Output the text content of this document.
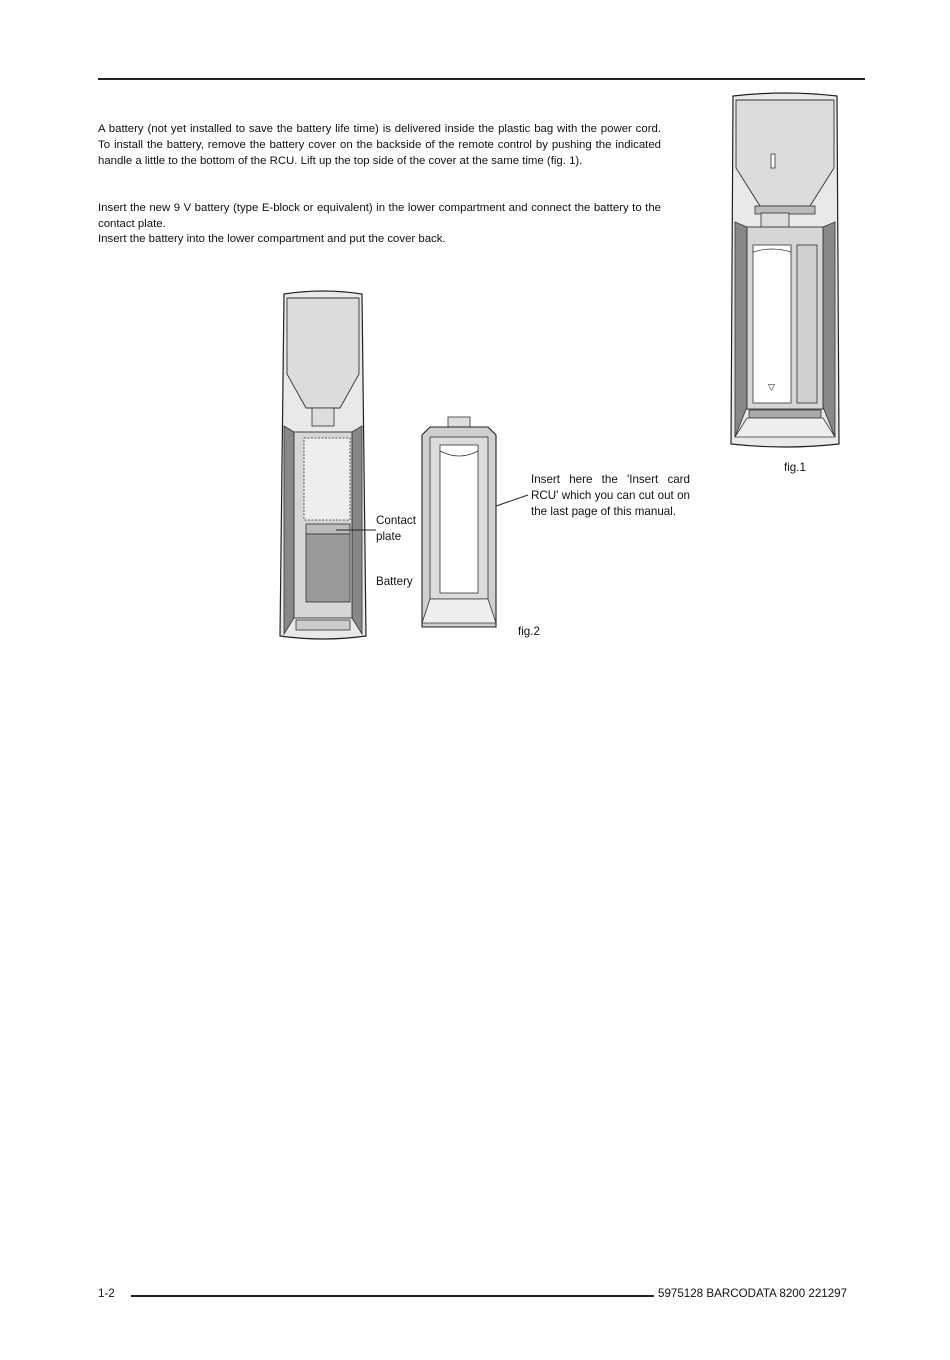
A battery (not yet installed to save the battery life time) is delivered inside the plastic bag with the power cord. To install the battery, remove the battery cover on the backside of the remote control by pushing the indicated handle a little to the bottom of the RCU. Lift up the top side of the cover at the same time (fig. 1).

Insert the new 9 V battery (type E-block or equivalent) in the lower compartment and connect the battery to the contact plate.

Insert the battery into the lower compartment and put the cover back.

▽

fig.1

Contact plate

Battery

Insert here the 'Insert card RCU' which you can cut out on the last page of this manual.

fig.2

1-2	5975128 BARCODATA 8200 221297
